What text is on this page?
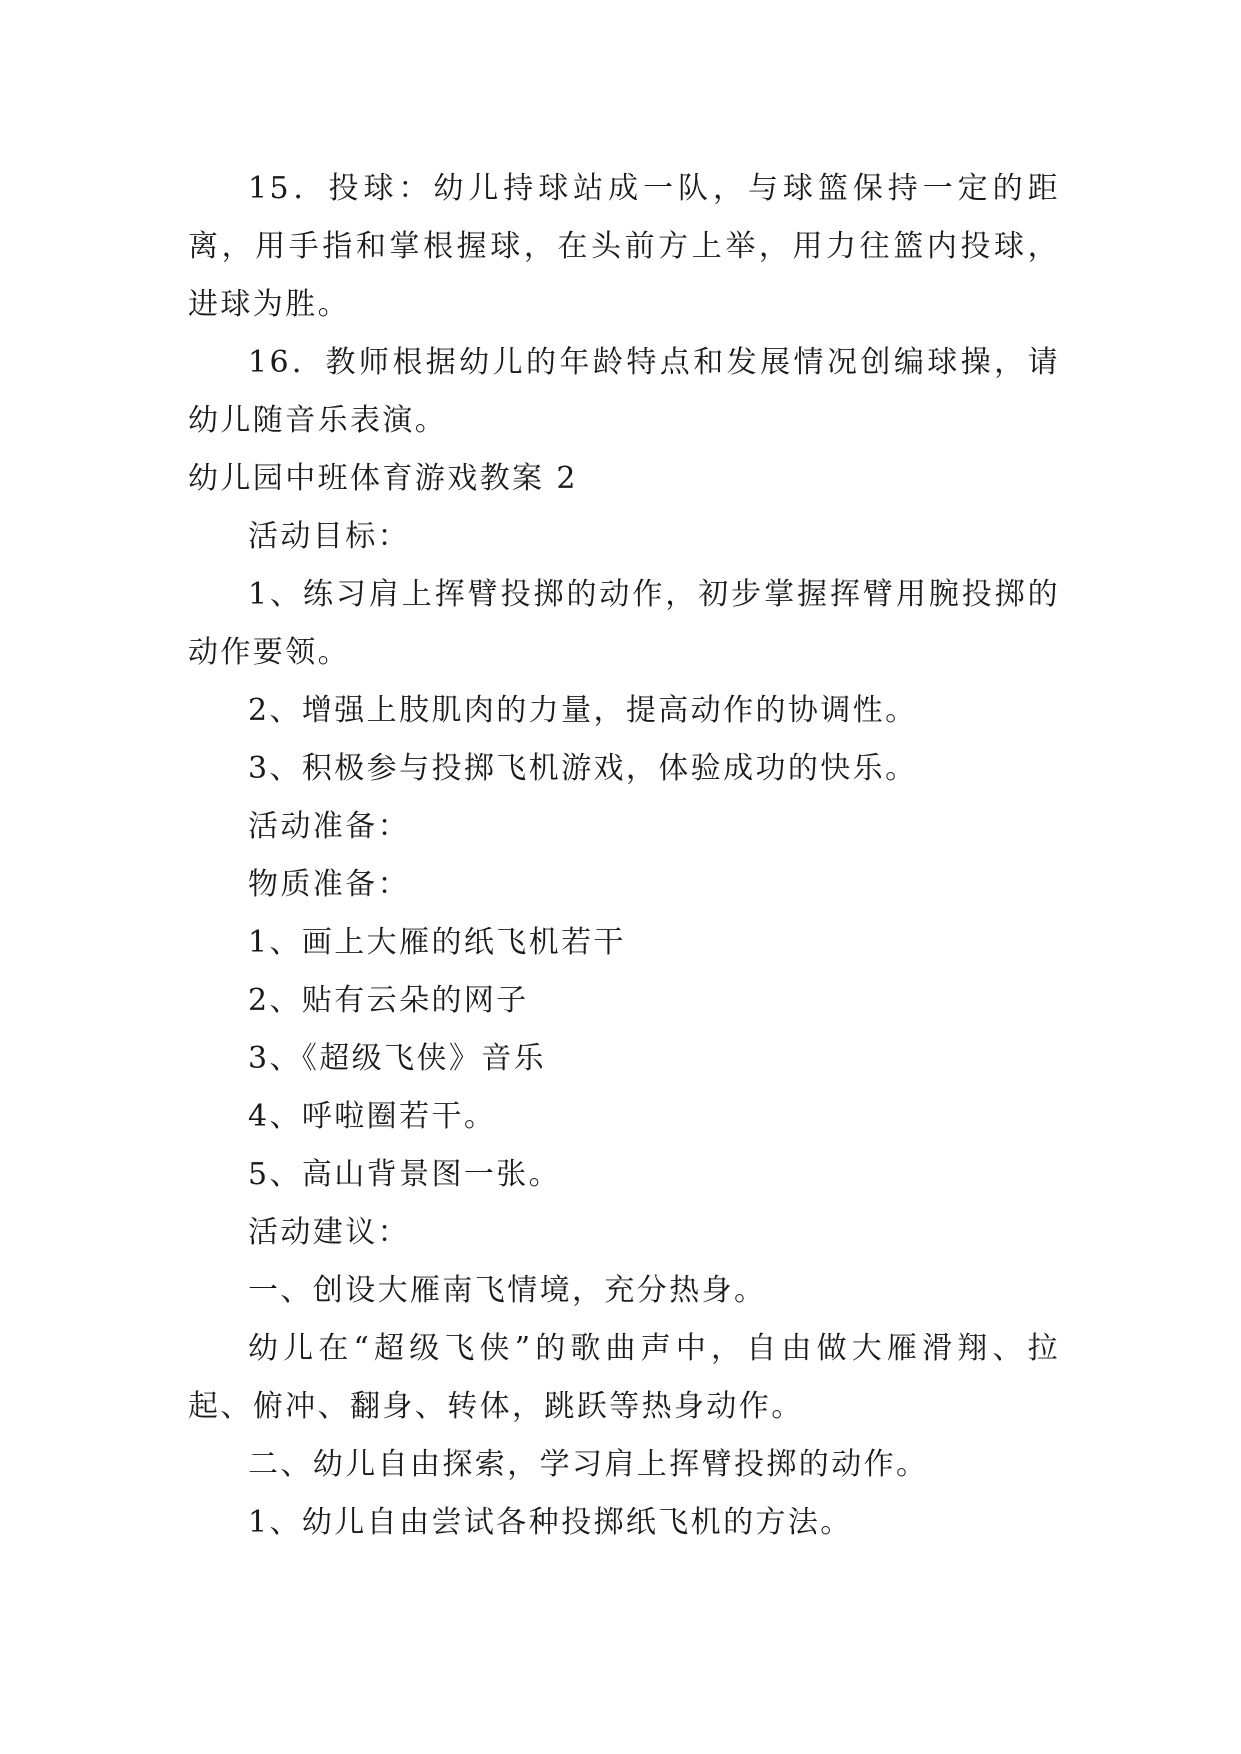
15．投球：幼儿持球站成一队，与球篮保持一定的距离，用手指和掌根握球，在头前方上举，用力往篮内投球，进球为胜。

16．教师根据幼儿的年龄特点和发展情况创编球操，请幼儿随音乐表演。

幼儿园中班体育游戏教案 2

活动目标：

1、练习肩上挥臂投掷的动作，初步掌握挥臂用腕投掷的动作要领。

2、增强上肢肌肉的力量，提高动作的协调性。

3、积极参与投掷飞机游戏，体验成功的快乐。

活动准备：

物质准备：

1、画上大雁的纸飞机若干

2、贴有云朵的网子

3、《超级飞侠》音乐

4、呼啦圈若干。

5、高山背景图一张。

活动建议：

一、创设大雁南飞情境，充分热身。

幼儿在“超级飞侠”的歌曲声中，自由做大雁滑翔、拉起、俯冲、翻身、转体，跳跃等热身动作。

二、幼儿自由探索，学习肩上挥臂投掷的动作。

1、幼儿自由尝试各种投掷纸飞机的方法。
